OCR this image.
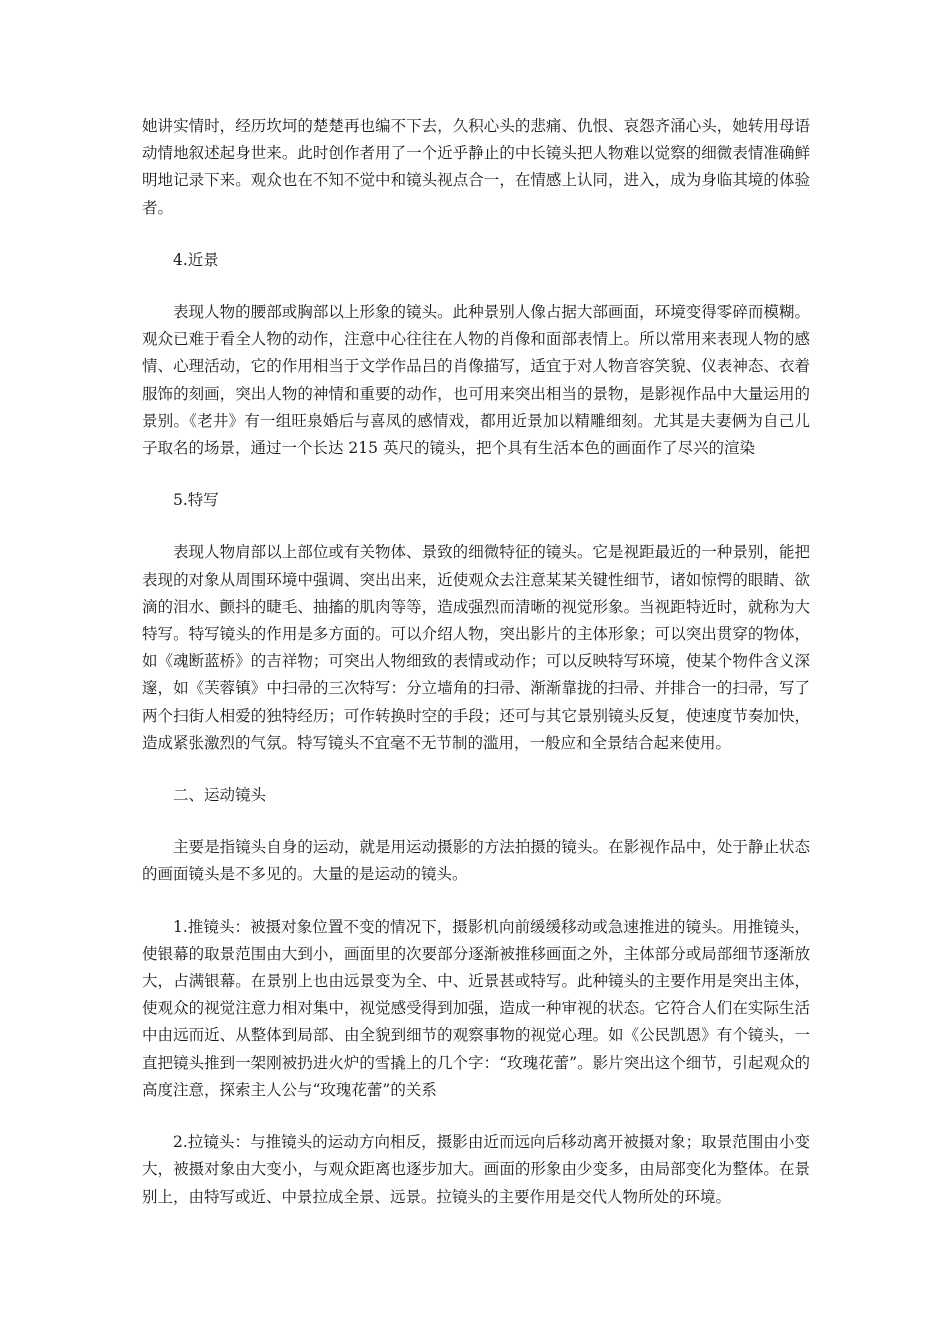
她讲实情时，经历坎坷的楚楚再也编不下去，久积心头的悲痛、仇恨、哀怨齐涌心头，她转用母语动情地叙述起身世来。此时创作者用了一个近乎静止的中长镜头把人物难以觉察的细微表情准确鲜明地记录下来。观众也在不知不觉中和镜头视点合一，在情感上认同，进入，成为身临其境的体验者。

4.近景

表现人物的腰部或胸部以上形象的镜头。此种景别人像占据大部画面，环境变得零碎而模糊。观众已难于看全人物的动作，注意中心往往在人物的肖像和面部表情上。所以常用来表现人物的感情、心理活动，它的作用相当于文学作品吕的肖像描写，适宜于对人物音容笑貌、仪表神态、衣着服饰的刻画，突出人物的神情和重要的动作，也可用来突出相当的景物，是影视作品中大量运用的景别。《老井》有一组旺泉婚后与喜凤的感情戏，都用近景加以精雕细刻。尤其是夫妻俩为自己儿子取名的场景，通过一个长达 215 英尺的镜头，把个具有生活本色的画面作了尽兴的渲染

5.特写

表现人物肩部以上部位或有关物体、景致的细微特征的镜头。它是视距最近的一种景别，能把表现的对象从周围环境中强调、突出出来，近使观众去注意某某关键性细节，诸如惊愕的眼睛、欲滴的泪水、颤抖的睫毛、抽搐的肌肉等等，造成强烈而清晰的视觉形象。当视距特近时，就称为大特写。特写镜头的作用是多方面的。可以介绍人物，突出影片的主体形象；可以突出贯穿的物体，如《魂断蓝桥》的吉祥物；可突出人物细致的表情或动作；可以反映特写环境，使某个物件含义深邃，如《芙蓉镇》中扫帚的三次特写：分立墙角的扫帚、渐渐靠拢的扫帚、并排合一的扫帚，写了两个扫街人相爱的独特经历；可作转换时空的手段；还可与其它景别镜头反复，使速度节奏加快，造成紧张激烈的气氛。特写镜头不宜毫不无节制的滥用，一般应和全景结合起来使用。

二、运动镜头

主要是指镜头自身的运动，就是用运动摄影的方法拍摄的镜头。在影视作品中，处于静止状态的画面镜头是不多见的。大量的是运动的镜头。

1.推镜头：被摄对象位置不变的情况下，摄影机向前缓缓移动或急速推进的镜头。用推镜头，使银幕的取景范围由大到小，画面里的次要部分逐渐被推移画面之外，主体部分或局部细节逐渐放大，占满银幕。在景别上也由远景变为全、中、近景甚或特写。此种镜头的主要作用是突出主体，使观众的视觉注意力相对集中，视觉感受得到加强，造成一种审视的状态。它符合人们在实际生活中由远而近、从整体到局部、由全貌到细节的观察事物的视觉心理。如《公民凯恩》有个镜头，一直把镜头推到一架刚被扔进火炉的雪撬上的几个字：“玫瑰花蕾”。影片突出这个细节，引起观众的高度注意，探索主人公与“玫瑰花蕾”的关系

2.拉镜头：与推镜头的运动方向相反，摄影由近而远向后移动离开被摄对象；取景范围由小变大，被摄对象由大变小，与观众距离也逐步加大。画面的形象由少变多，由局部变化为整体。在景别上，由特写或近、中景拉成全景、远景。拉镜头的主要作用是交代人物所处的环境。
